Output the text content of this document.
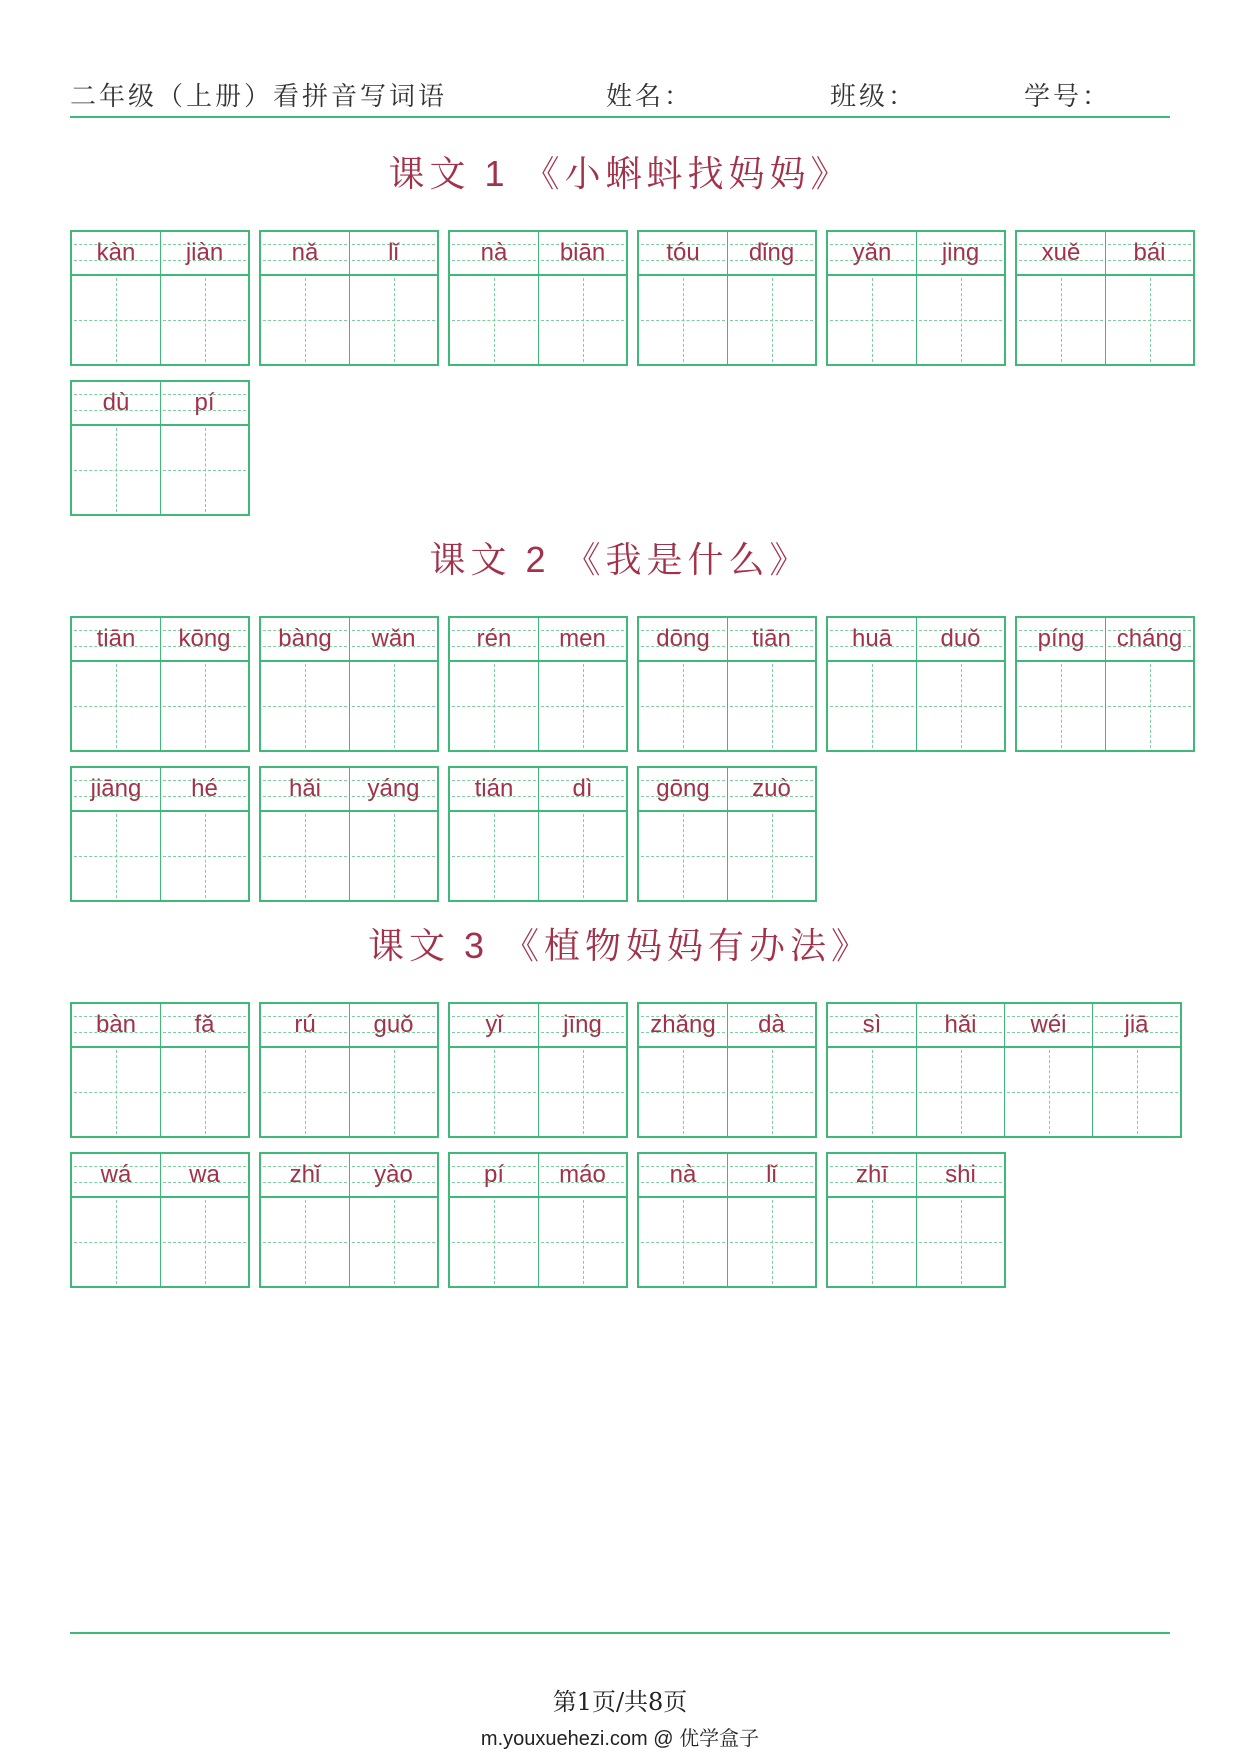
二年级（上册）看拼音写词语	姓名：	班级：	学号：
课文 1 《小蝌蚪找妈妈》
kàn jiàn	nǎ	lǐ	nà biān	tóu dǐng yǎn jing	xuě bái
dù	pí
课文 2 《我是什么》
tiān kōng bàng wǎn	rén men dōng tiān	huā duǒ píng cháng
jiāng hé	hǎi yáng tián dì	gōng zuò
课文 3 《植物妈妈有办法》
bàn fǎ	rú guǒ	yǐ	jīng zhǎng dà	sì	hǎi wéi jiā
wá wa	zhǐ yào	pí máo	nà	lǐ	zhī shi
第1页/共8页
m.youxuehezi.com @ 优学盒子
